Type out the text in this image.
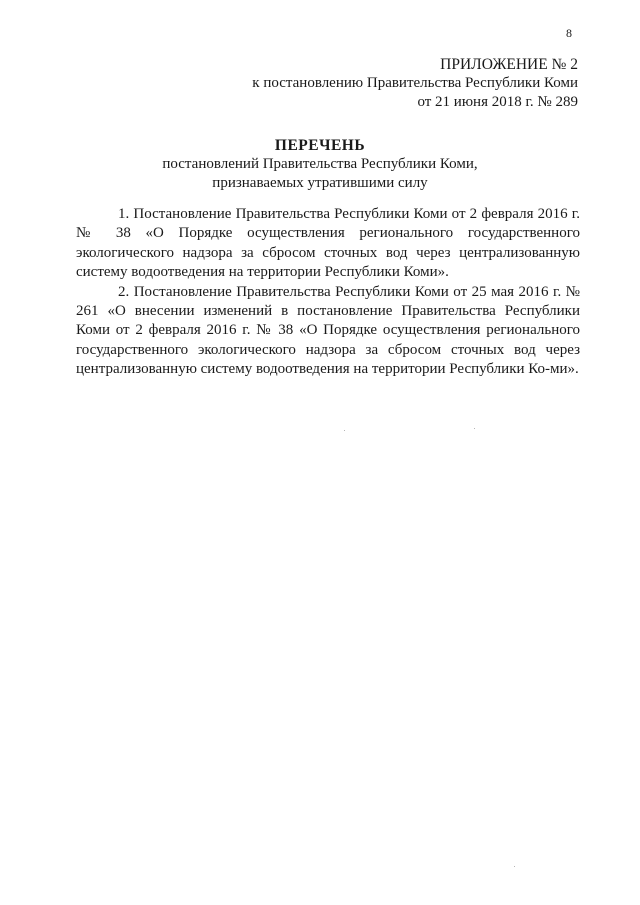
8
ПРИЛОЖЕНИЕ № 2
к постановлению Правительства Республики Коми
от 21 июня 2018 г. № 289
ПЕРЕЧЕНЬ
постановлений Правительства Республики Коми,
признаваемых утратившими силу

1. Постановление Правительства Республики Коми от 2 февраля 2016 г. № 38 «О Порядке осуществления регионального государственного экологического надзора за сбросом сточных вод через централизованную систему водоотведения на территории Республики Коми».

2. Постановление Правительства Республики Коми от 25 мая 2016 г. № 261 «О внесении изменений в постановление Правительства Республики Коми от 2 февраля 2016 г. № 38 «О Порядке осуществления регионального государственного экологического надзора за сбросом сточных вод через централизованную систему водоотведения на территории Республики Ко-ми».
